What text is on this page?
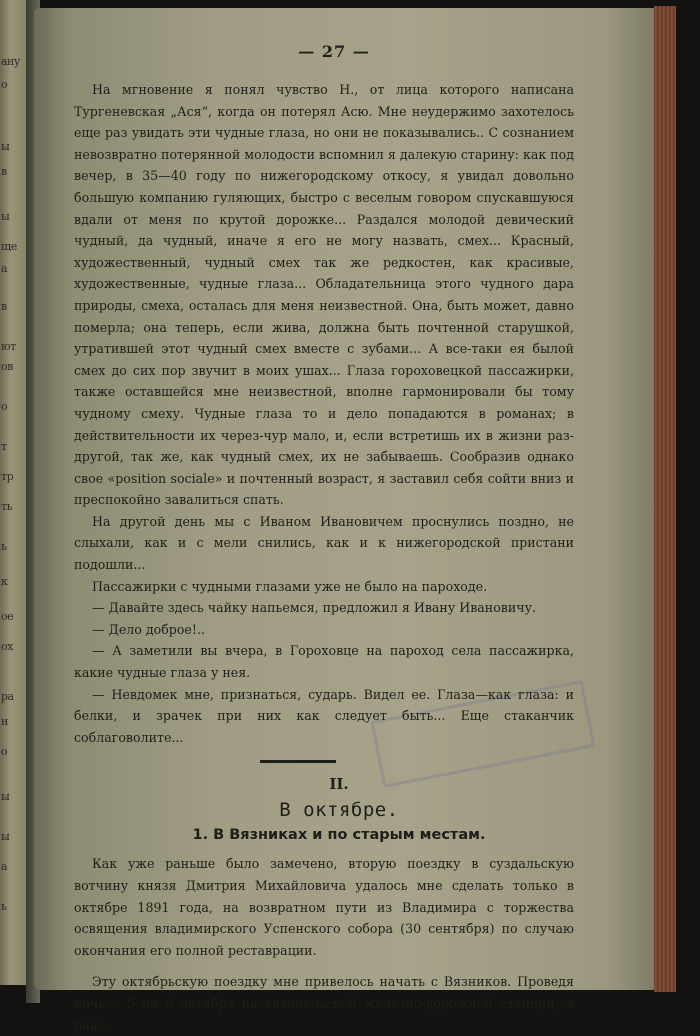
ану
о
ы
в
ы
ще
а
в
ют
ов
о
т
тр
ть
ь
к
ое
ох
ра
н
о
ы
ы
а
ь
— 27 —

На мгновение я понял чувство Н., от лица которого написана Тургеневская „Ася“, когда он потерял Асю. Мне неудержимо захотелось еще раз увидать эти чудные глаза, но они не показывались.. С сознанием невозвратно потерянной молодости вспомнил я далекую старину: как под вечер, в 35—40 году по нижегородскому откосу, я увидал довольно большую компанию гуляющих, быстро с веселым говором спускавшуюся вдали от меня по крутой дорожке... Раздался молодой девический чудный, да чудный, иначе я его не могу назвать, смех... Красный, художественный, чудный смех так же редкостен, как красивые, художественные, чудные глаза... Обладательница этого чудного дара природы, смеха, осталась для меня неизвестной. Она, быть может, давно померла; она теперь, если жива, должна быть почтенной старушкой, утратившей этот чудный смех вместе с зубами... А все-таки ея былой смех до сих пор звучит в моих ушах... Глаза гороховецкой пассажирки, также оставшейся мне неизвестной, вполне гармонировали бы тому чудному смеху. Чудные глаза то и дело попадаются в романах; в действительности их через-чур мало, и, если встретишь их в жизни раз-другой, так же, как чудный смех, их не забываешь. Сообразив однако свое «position sociale» и почтенный возраст, я заставил себя сойти вниз и преспокойно завалиться спать.

На другой день мы с Иваном Ивановичем проснулись поздно, не слыхали, как и с мели снились, как и к нижегородской пристани подошли...

Пассажирки с чудными глазами уже не было на пароходе.

— Давайте здесь чайку напьемся, предложил я Ивану Ивановичу.

— Дело доброе!..

— А заметили вы вчера, в Гороховце на пароход села пассажирка, какие чудные глаза у нея.

— Невдомек мне, признаться, сударь. Видел ее. Глаза—как глаза: и белки, и зрачек при них как следует быть... Еще стаканчик соблаговолите...

II.
В октябре.
1. В Вязниках и по старым местам.

Как уже раньше было замечено, вторую поездку в суздальскую вотчину князя Дмитрия Михайловича удалось мне сделать только в октябре 1891 года, на возвратном пути из Владимира с торжества освящения владимирского Успенского собора (30 сентября) по случаю окончания его полной реставрации.

Эту октябрьскую поездку мне привелось начать с Вязников. Проведя ночь с 5 на 6 октября на вязниковской железно-дорожной станции, я рано
